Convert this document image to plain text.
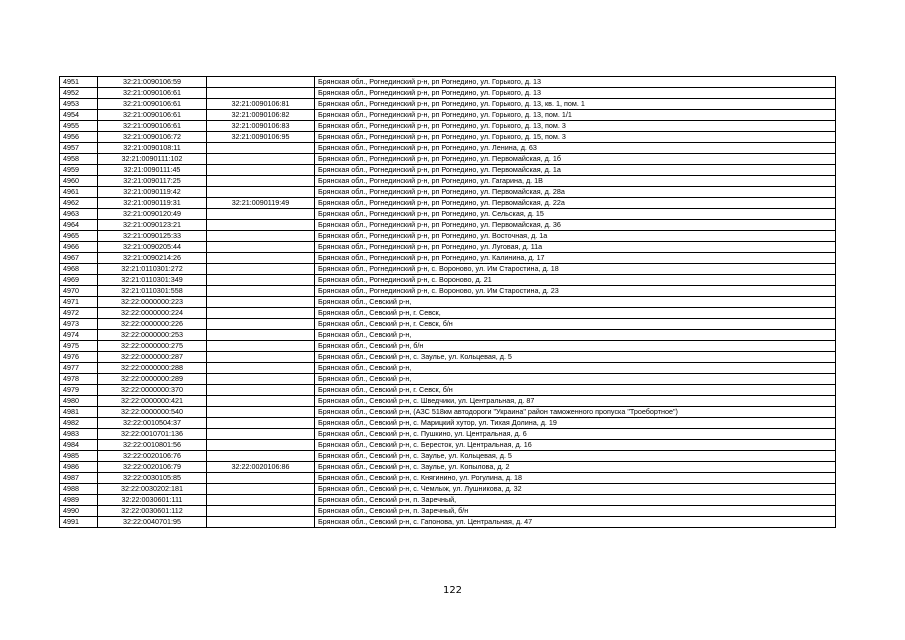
4951	32:21:0090106:59		Брянская обл., Рогнединский р-н, рп Рогнедино, ул. Горького, д. 13
4952	32:21:0090106:61		Брянская обл., Рогнединский р-н, рп Рогнедино, ул. Горького, д. 13
4953	32:21:0090106:61	32:21:0090106:81	Брянская обл., Рогнединский р-н, рп Рогнедино, ул. Горького, д. 13, кв. 1, пом. 1
4954	32:21:0090106:61	32:21:0090106:82	Брянская обл., Рогнединский р-н, рп Рогнедино, ул. Горького, д. 13, пом. 1/1
4955	32:21:0090106:61	32:21:0090106:83	Брянская обл., Рогнединский р-н, рп Рогнедино, ул. Горького, д. 13, пом. 3
4956	32:21:0090106:72	32:21:0090106:95	Брянская обл., Рогнединский р-н, рп Рогнедино, ул. Горького, д. 15, пом. 3
4957	32:21:0090108:11		Брянская обл., Рогнединский р-н, рп Рогнедино, ул. Ленина, д. 63
4958	32:21:0090111:102		Брянская обл., Рогнединский р-н, рп Рогнедино, ул. Первомайская, д. 1б
4959	32:21:0090111:45		Брянская обл., Рогнединский р-н, рп Рогнедино, ул. Первомайская, д. 1а
4960	32:21:0090117:25		Брянская обл., Рогнединский р-н, рп Рогнедино, ул. Гагарина, д. 1В
4961	32:21:0090119:42		Брянская обл., Рогнединский р-н, рп Рогнедино, ул. Первомайская, д. 28а
4962	32:21:0090119:31	32:21:0090119:49	Брянская обл., Рогнединский р-н, рп Рогнедино, ул. Первомайская, д. 22а
4963	32:21:0090120:49		Брянская обл., Рогнединский р-н, рп Рогнедино, ул. Сельская, д. 15
4964	32:21:0090123:21		Брянская обл., Рогнединский р-н, рп Рогнедино, ул. Первомайская, д. 36
4965	32:21:0090125:33		Брянская обл., Рогнединский р-н, рп Рогнедино, ул. Восточная, д. 1а
4966	32:21:0090205:44		Брянская обл., Рогнединский р-н, рп Рогнедино, ул. Луговая, д. 11а
4967	32:21:0090214:26		Брянская обл., Рогнединский р-н, рп Рогнедино, ул. Калинина, д. 17
4968	32:21:0110301:272		Брянская обл., Рогнединский р-н, с. Вороново, ул. Им Старостина, д. 18
4969	32:21:0110301:349		Брянская обл., Рогнединский р-н, с. Вороново, д. 21
4970	32:21:0110301:558		Брянская обл., Рогнединский р-н, с. Вороново, ул. Им Старостина, д. 23
4971	32:22:0000000:223		Брянская обл., Севский р-н,
4972	32:22:0000000:224		Брянская обл., Севский р-н, г. Севск,
4973	32:22:0000000:226		Брянская обл., Севский р-н, г. Севск, б/н
4974	32:22:0000000:253		Брянская обл., Севский р-н,
4975	32:22:0000000:275		Брянская обл., Севский р-н, б/н
4976	32:22:0000000:287		Брянская обл., Севский р-н, с. Заулье, ул. Кольцевая, д. 5
4977	32:22:0000000:288		Брянская обл., Севский р-н,
4978	32:22:0000000:289		Брянская обл., Севский р-н,
4979	32:22:0000000:370		Брянская обл., Севский р-н, г. Севск, б/н
4980	32:22:0000000:421		Брянская обл., Севский р-н, с. Шведчики, ул. Центральная, д. 87
4981	32:22:0000000:540		Брянская обл., Севский р-н, (АЗС 518км автодороги "Украина" район таможенного пропуска "Троебортное")
4982	32:22:0010504:37		Брянская обл., Севский р-н, с. Марицкий хутор, ул. Тихая Долина, д. 19
4983	32:22:0010701:136		Брянская обл., Севский р-н, с. Пушкино, ул. Центральная, д. 6
4984	32:22:0010801:56		Брянская обл., Севский р-н, с. Бересток, ул. Центральная, д. 16
4985	32:22:0020106:76		Брянская обл., Севский р-н, с. Заулье, ул. Кольцевая, д. 5
4986	32:22:0020106:79	32:22:0020106:86	Брянская обл., Севский р-н, с. Заулье, ул. Копылова, д. 2
4987	32:22:0030105:85		Брянская обл., Севский р-н, с. Княгинино, ул. Рогулина, д. 18
4988	32:22:0030202:181		Брянская обл., Севский р-н, с. Чемлыж, ул. Лушникова, д. 32
4989	32:22:0030601:111		Брянская обл., Севский р-н, п. Заречный,
4990	32:22:0030601:112		Брянская обл., Севский р-н, п. Заречный, б/н
4991	32:22:0040701:95		Брянская обл., Севский р-н, с. Гапонова, ул. Центральная, д. 47
122
